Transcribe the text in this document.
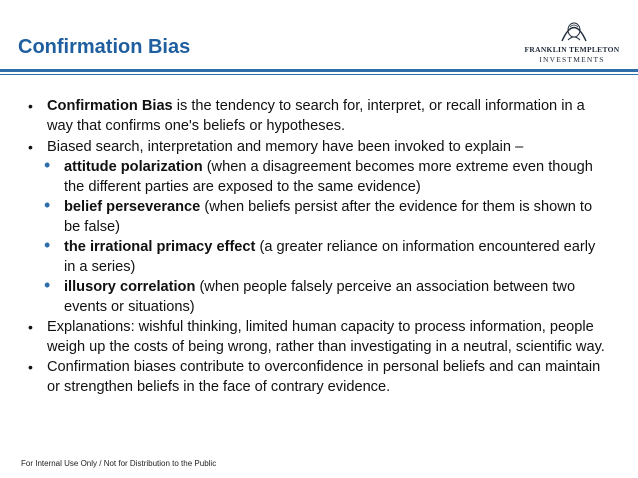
Confirmation Bias	FRANKLIN TEMPLETON
INVESTMENTS
• Confirmation Bias is the tendency to search for, interpret, or recall information in a way that confirms one's beliefs or hypotheses.
• Biased search, interpretation and memory have been invoked to explain –
• attitude polarization (when a disagreement becomes more extreme even though the different parties are exposed to the same evidence)
• belief perseverance (when beliefs persist after the evidence for them is shown to be false)
• the irrational primacy effect (a greater reliance on information encountered early in a series)
• illusory correlation (when people falsely perceive an association between two events or situations)
• Explanations: wishful thinking, limited human capacity to process information, people weigh up the costs of being wrong, rather than investigating in a neutral, scientific way.
• Confirmation biases contribute to overconfidence in personal beliefs and can maintain or strengthen beliefs in the face of contrary evidence.
For Internal Use Only / Not for Distribution to the Public
